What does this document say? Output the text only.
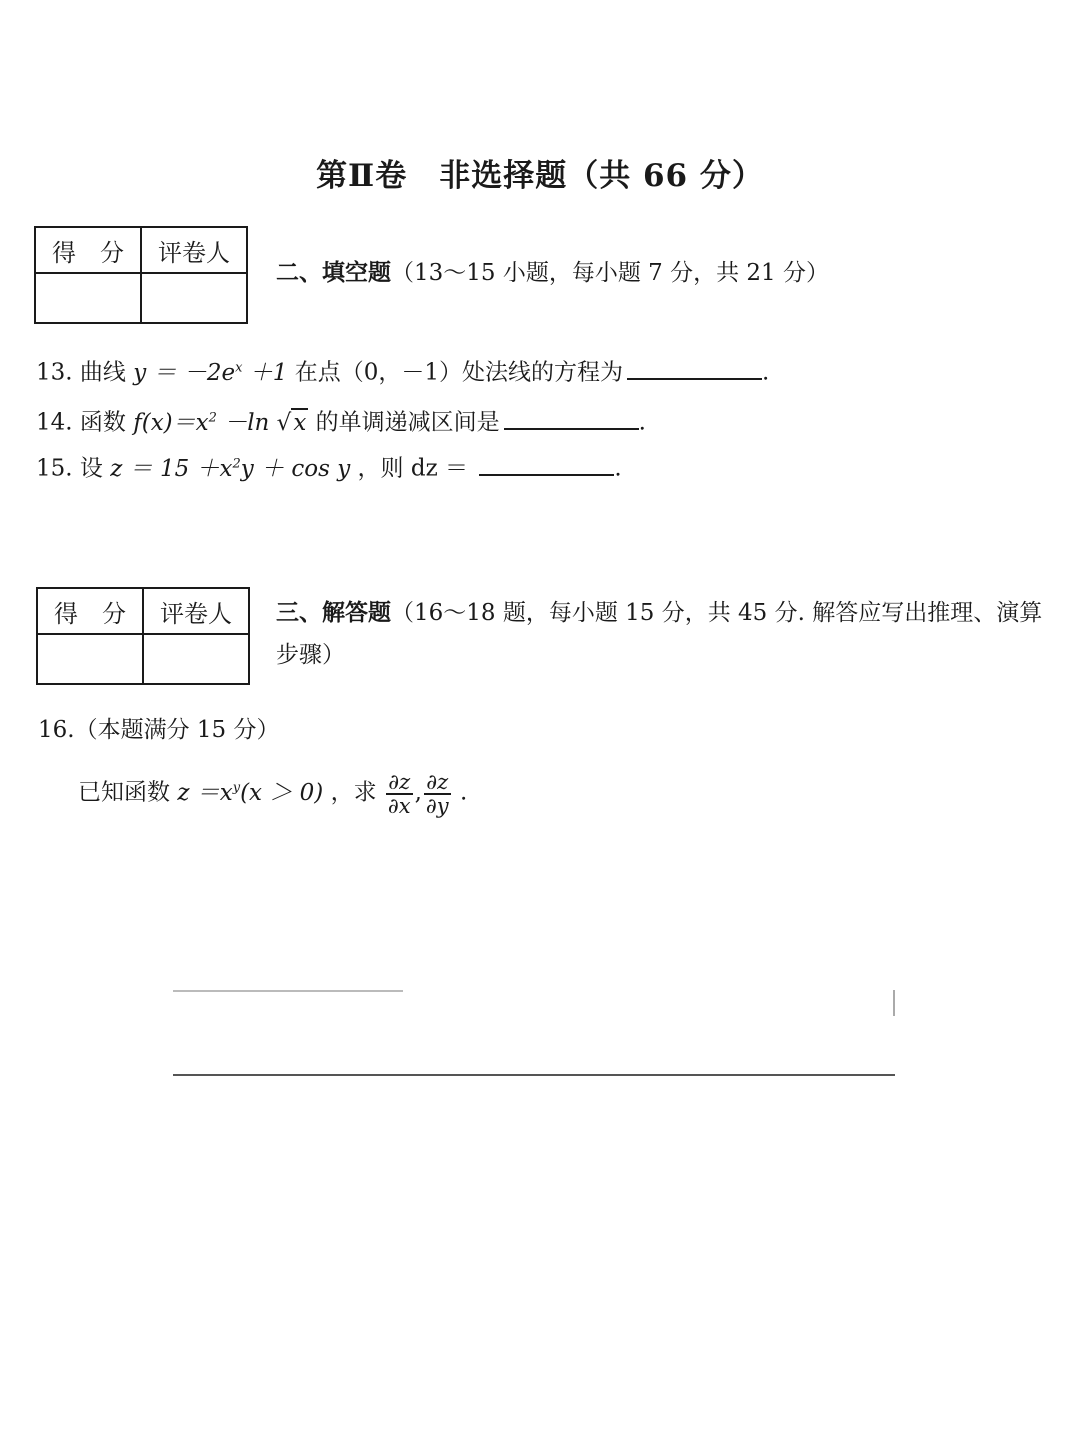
第Ⅱ卷　非选择题（共 66 分）
得　分	评卷人

二、填空题（13～15 小题，每小题 7 分，共 21 分）
13. 曲线 $y = -2e^x +1$ 在点（0，－1）处法线的方程为	.
14. 函数 $f(x)=x^2 -\ln$ √x 的单调递减区间是	.
15. 设 $z = 15 +x^2y + \cos y$ ，则 dz ＝	.
得　分	评卷人
	三、解答题（16～18 题，每小题 15 分，共 45 分. 解答应写出推理、演算
步骤）
16.（本题满分 15 分）
已知函数 $z =x^y(x > 0)$ ，求 $\frac{\partial z}{\partial x}$ , $\frac{\partial z}{\partial y}$ .
